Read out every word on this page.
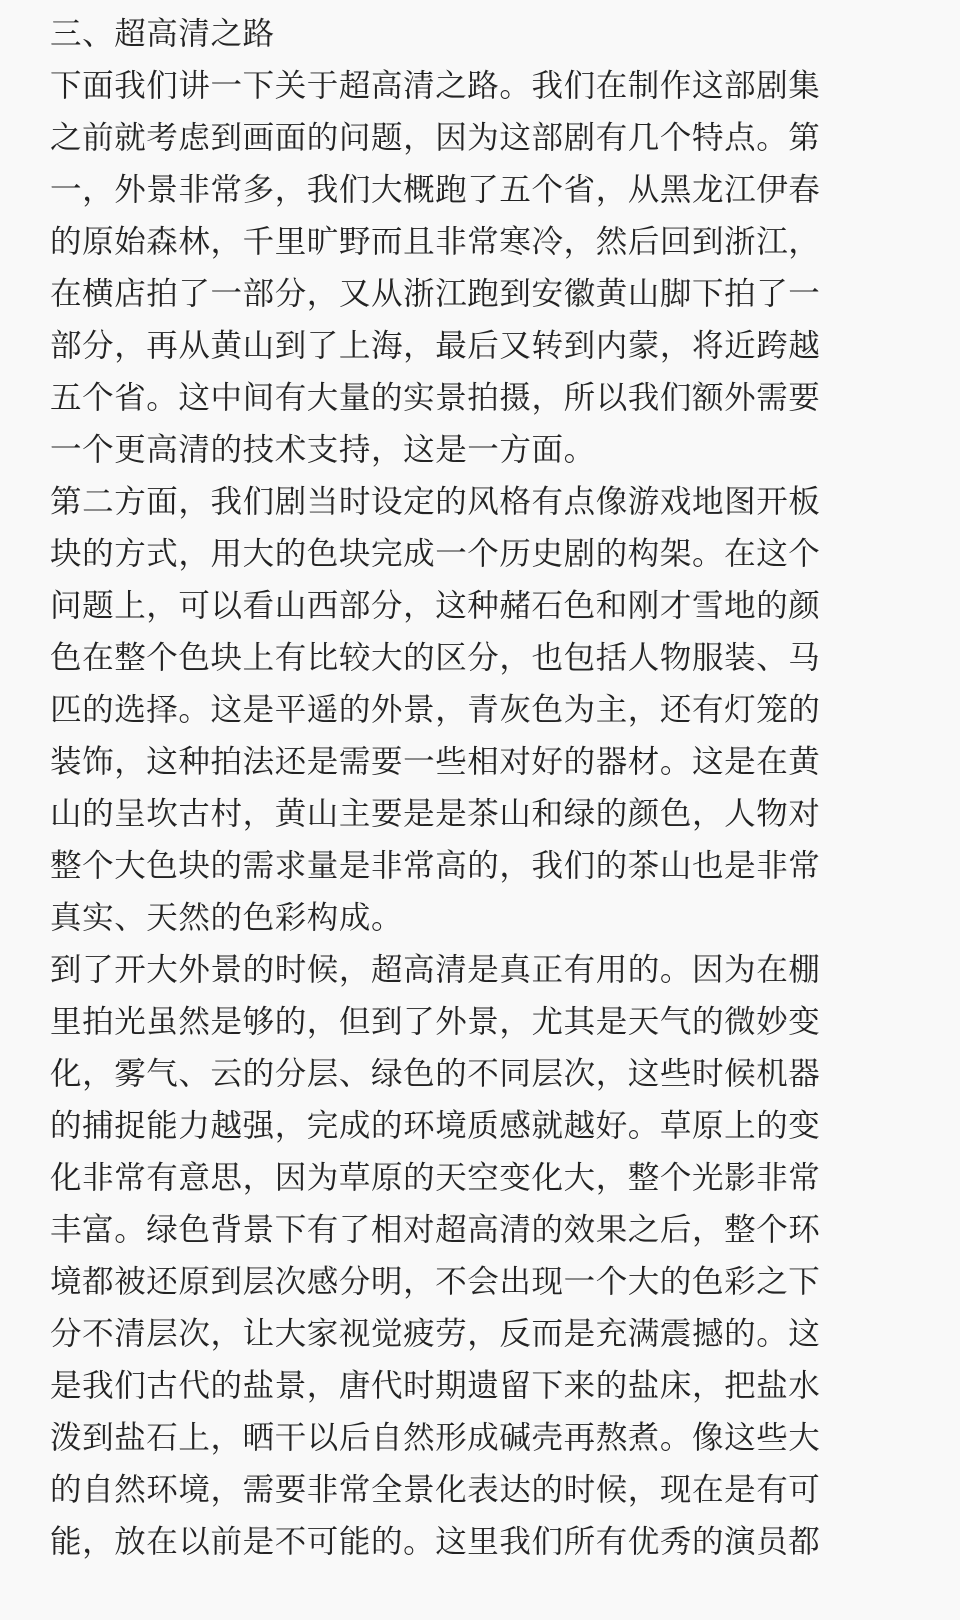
三、超高清之路
下面我们讲一下关于超高清之路。我们在制作这部剧集
之前就考虑到画面的问题，因为这部剧有几个特点。第
一，外景非常多，我们大概跑了五个省，从黑龙江伊春
的原始森林，千里旷野而且非常寒冷，然后回到浙江，
在横店拍了一部分，又从浙江跑到安徽黄山脚下拍了一
部分，再从黄山到了上海，最后又转到内蒙，将近跨越
五个省。这中间有大量的实景拍摄，所以我们额外需要
一个更高清的技术支持，这是一方面。
第二方面，我们剧当时设定的风格有点像游戏地图开板
块的方式，用大的色块完成一个历史剧的构架。在这个
问题上，可以看山西部分，这种赭石色和刚才雪地的颜
色在整个色块上有比较大的区分，也包括人物服装、马
匹的选择。这是平遥的外景，青灰色为主，还有灯笼的
装饰，这种拍法还是需要一些相对好的器材。这是在黄
山的呈坎古村，黄山主要是是茶山和绿的颜色，人物对
整个大色块的需求量是非常高的，我们的茶山也是非常
真实、天然的色彩构成。
到了开大外景的时候，超高清是真正有用的。因为在棚
里拍光虽然是够的，但到了外景，尤其是天气的微妙变
化，雾气、云的分层、绿色的不同层次，这些时候机器
的捕捉能力越强，完成的环境质感就越好。草原上的变
化非常有意思，因为草原的天空变化大，整个光影非常
丰富。绿色背景下有了相对超高清的效果之后，整个环
境都被还原到层次感分明，不会出现一个大的色彩之下
分不清层次，让大家视觉疲劳，反而是充满震撼的。这
是我们古代的盐景，唐代时期遗留下来的盐床，把盐水
泼到盐石上，晒干以后自然形成碱壳再熬煮。像这些大
的自然环境，需要非常全景化表达的时候，现在是有可
能，放在以前是不可能的。这里我们所有优秀的演员都
